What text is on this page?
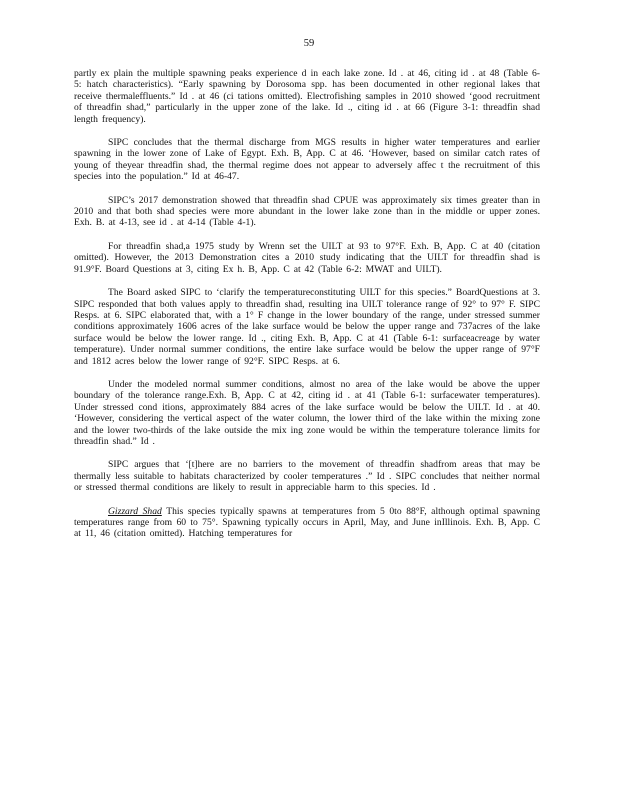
59

partly ex plain the multiple spawning peaks experience d in each lake zone. Id . at 46, citing id . at 48 (Table 6-5: hatch characteristics). “Early spawning by Dorosoma spp. has been documented in other regional lakes that receive thermaleffluents.” Id . at 46 (ci tations omitted). Electrofishing samples in 2010 showed ‘good recruitment of threadfin shad,” particularly in the upper zone of the lake. Id ., citing id . at 66 (Figure 3-1: threadfin shad length frequency).

SIPC concludes that the thermal discharge from MGS results in higher water temperatures and earlier spawning in the lower zone of Lake of Egypt. Exh. B, App. C at 46. ‘However, based on similar catch rates of young of theyear threadfin shad, the thermal regime does not appear to adversely affec t the recruitment of this species into the population.” Id at 46-47.

SIPC’s 2017 demonstration showed that threadfin shad CPUE was approximately six times greater than in 2010 and that both shad species were more abundant in the lower lake zone than in the middle or upper zones. Exh. B. at 4-13, see id . at 4-14 (Table 4-1).

For threadfin shad,a 1975 study by Wrenn set the UILT at 93 to 97°F. Exh. B, App. C at 40 (citation omitted). However, the 2013 Demonstration cites a 2010 study indicating that the UILT for threadfin shad is 91.9°F. Board Questions at 3, citing Ex h. B, App. C at 42 (Table 6-2: MWAT and UILT).

The Board asked SIPC to ‘clarify the temperatureconstituting UILT for this species.” BoardQuestions at 3. SIPC responded that both values apply to threadfin shad, resulting ina UILT tolerance range of 92° to 97° F. SIPC Resps. at 6. SIPC elaborated that, with a 1° F change in the lower boundary of the range, under stressed summer conditions approximately 1606 acres of the lake surface would be below the upper range and 737acres of the lake surface would be below the lower range. Id ., citing Exh. B, App. C at 41 (Table 6-1: surfaceacreage by water temperature). Under normal summer conditions, the entire lake surface would be below the upper range of 97°F and 1812 acres below the lower range of 92°F. SIPC Resps. at 6.

Under the modeled normal summer conditions, almost no area of the lake would be above the upper boundary of the tolerance range.Exh. B, App. C at 42, citing id . at 41 (Table 6-1: surfacewater temperatures). Under stressed cond itions, approximately 884 acres of the lake surface would be below the UILT. Id . at 40. ‘However, considering the vertical aspect of the water column, the lower third of the lake within the mixing zone and the lower two-thirds of the lake outside the mix ing zone would be within the temperature tolerance limits for threadfin shad.” Id .

SIPC argues that ‘[t]here are no barriers to the movement of threadfin shadfrom areas that may be thermally less suitable to habitats characterized by cooler temperatures .” Id . SIPC concludes that neither normal or stressed thermal conditions are likely to result in appreciable harm to this species. Id .

Gizzard Shad This species typically spawns at temperatures from 5 0to 88°F, although optimal spawning temperatures range from 60 to 75°. Spawning typically occurs in April, May, and June inIllinois. Exh. B, App. C at 11, 46 (citation omitted). Hatching temperatures for
